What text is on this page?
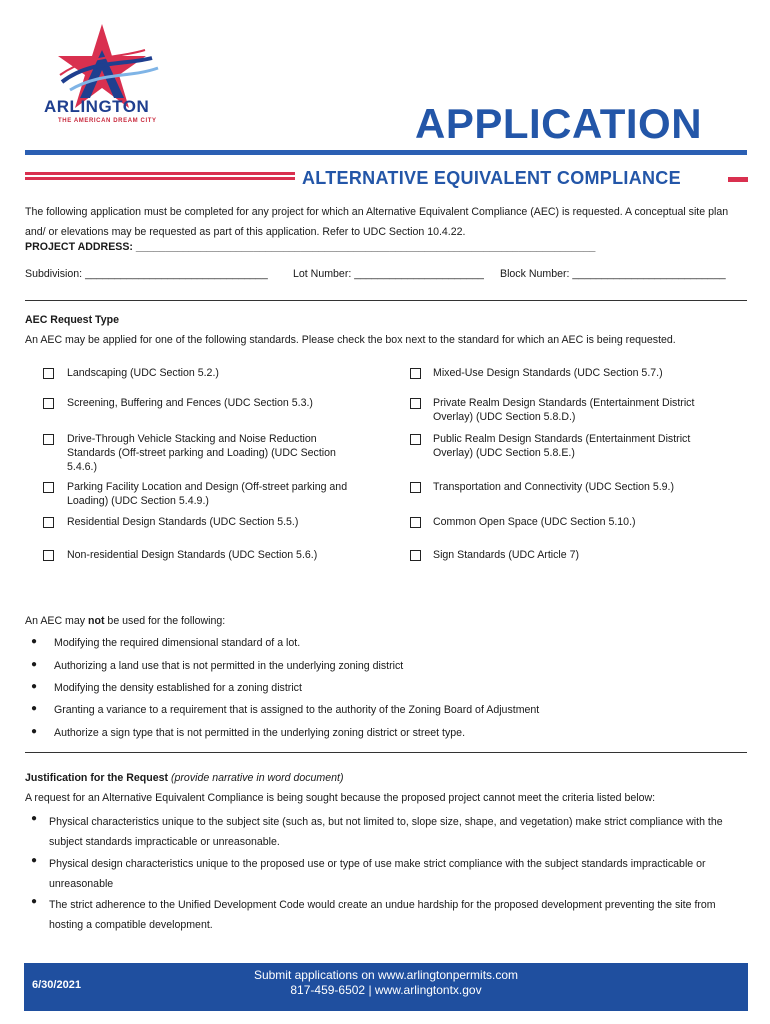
ARLINGTON
THE AMERICAN DREAM CITY	APPLICATION
ALTERNATIVE EQUIVALENT COMPLIANCE
The following application must be completed for any project for which an Alternative Equivalent Compliance (AEC) is requested. A conceptual site plan and/ or elevations may be requested as part of this application. Refer to UDC Section 10.4.22.
PROJECT ADDRESS: ______________________________________________________________________________
Subdivision: _______________________________ Lot Number: ______________________ Block Number: __________________________
AEC Request Type
An AEC may be applied for one of the following standards. Please check the box next to the standard for which an AEC is being requested.
Landscaping (UDC Section 5.2.)
Screening, Buffering and Fences (UDC Section 5.3.)
Drive-Through Vehicle Stacking and Noise Reduction Standards (Off-street parking and Loading) (UDC Section 5.4.6.)
Parking Facility Location and Design (Off-street parking and Loading) (UDC Section 5.4.9.)
Residential Design Standards (UDC Section 5.5.)
Non-residential Design Standards (UDC Section 5.6.)
Mixed-Use Design Standards (UDC Section 5.7.)
Private Realm Design Standards (Entertainment District Overlay) (UDC Section 5.8.D.)
Public Realm Design Standards (Entertainment District Overlay) (UDC Section 5.8.E.)
Transportation and Connectivity (UDC Section 5.9.)
Common Open Space (UDC Section 5.10.)
Sign Standards (UDC Article 7)
An AEC may not be used for the following:
● Modifying the required dimensional standard of a lot.
● Authorizing a land use that is not permitted in the underlying zoning district
● Modifying the density established for a zoning district
● Granting a variance to a requirement that is assigned to the authority of the Zoning Board of Adjustment
● Authorize a sign type that is not permitted in the underlying zoning district or street type.
Justification for the Request (provide narrative in word document)
A request for an Alternative Equivalent Compliance is being sought because the proposed project cannot meet the criteria listed below:
● Physical characteristics unique to the subject site (such as, but not limited to, slope size, shape, and vegetation) make strict compliance with the subject standards impracticable or unreasonable.
● Physical design characteristics unique to the proposed use or type of use make strict compliance with the subject standards impracticable or unreasonable
● The strict adherence to the Unified Development Code would create an undue hardship for the proposed development preventing the site from hosting a compatible development.
6/30/2021
Submit applications on www.arlingtonpermits.com
817-459-6502 | www.arlingtontx.gov
